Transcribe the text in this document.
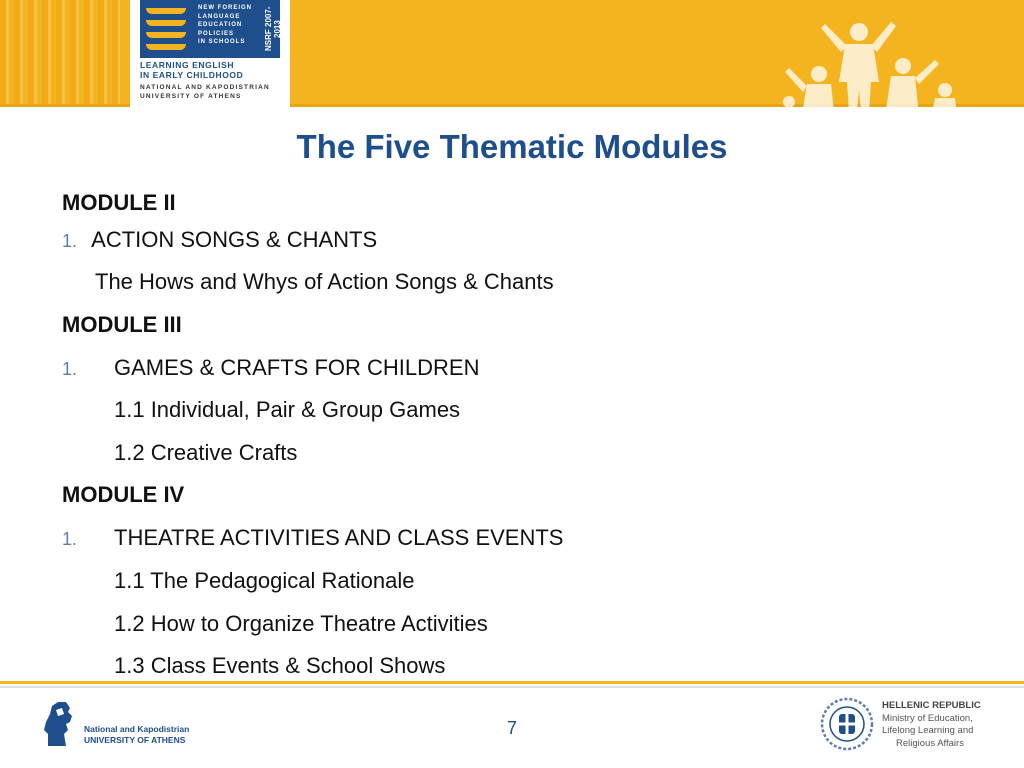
NEW FOREIGN
LANGUAGE
EDUCATION
POLICIES
IN SCHOOLS	NSRF 2007-2013
LEARNING ENGLISH
IN EARLY CHILDHOOD
NATIONAL AND KAPODISTRIAN
UNIVERSITY OF ATHENS
The Five Thematic Modules
MODULE II
1. ACTION SONGS & CHANTS
The Hows and Whys of Action Songs & Chants
MODULE III
1. GAMES & CRAFTS FOR CHILDREN
1.1 Individual, Pair & Group Games
1.2 Creative Crafts
MODULE IV
1. THEATRE ACTIVITIES AND CLASS EVENTS
1.1 The Pedagogical Rationale
1.2 How to Organize Theatre Activities
1.3 Class Events & School Shows
National and Kapodistrian
UNIVERSITY OF ATHENS
7
HELLENIC REPUBLIC
Ministry of Education,
Lifelong Learning and
Religious Affairs
